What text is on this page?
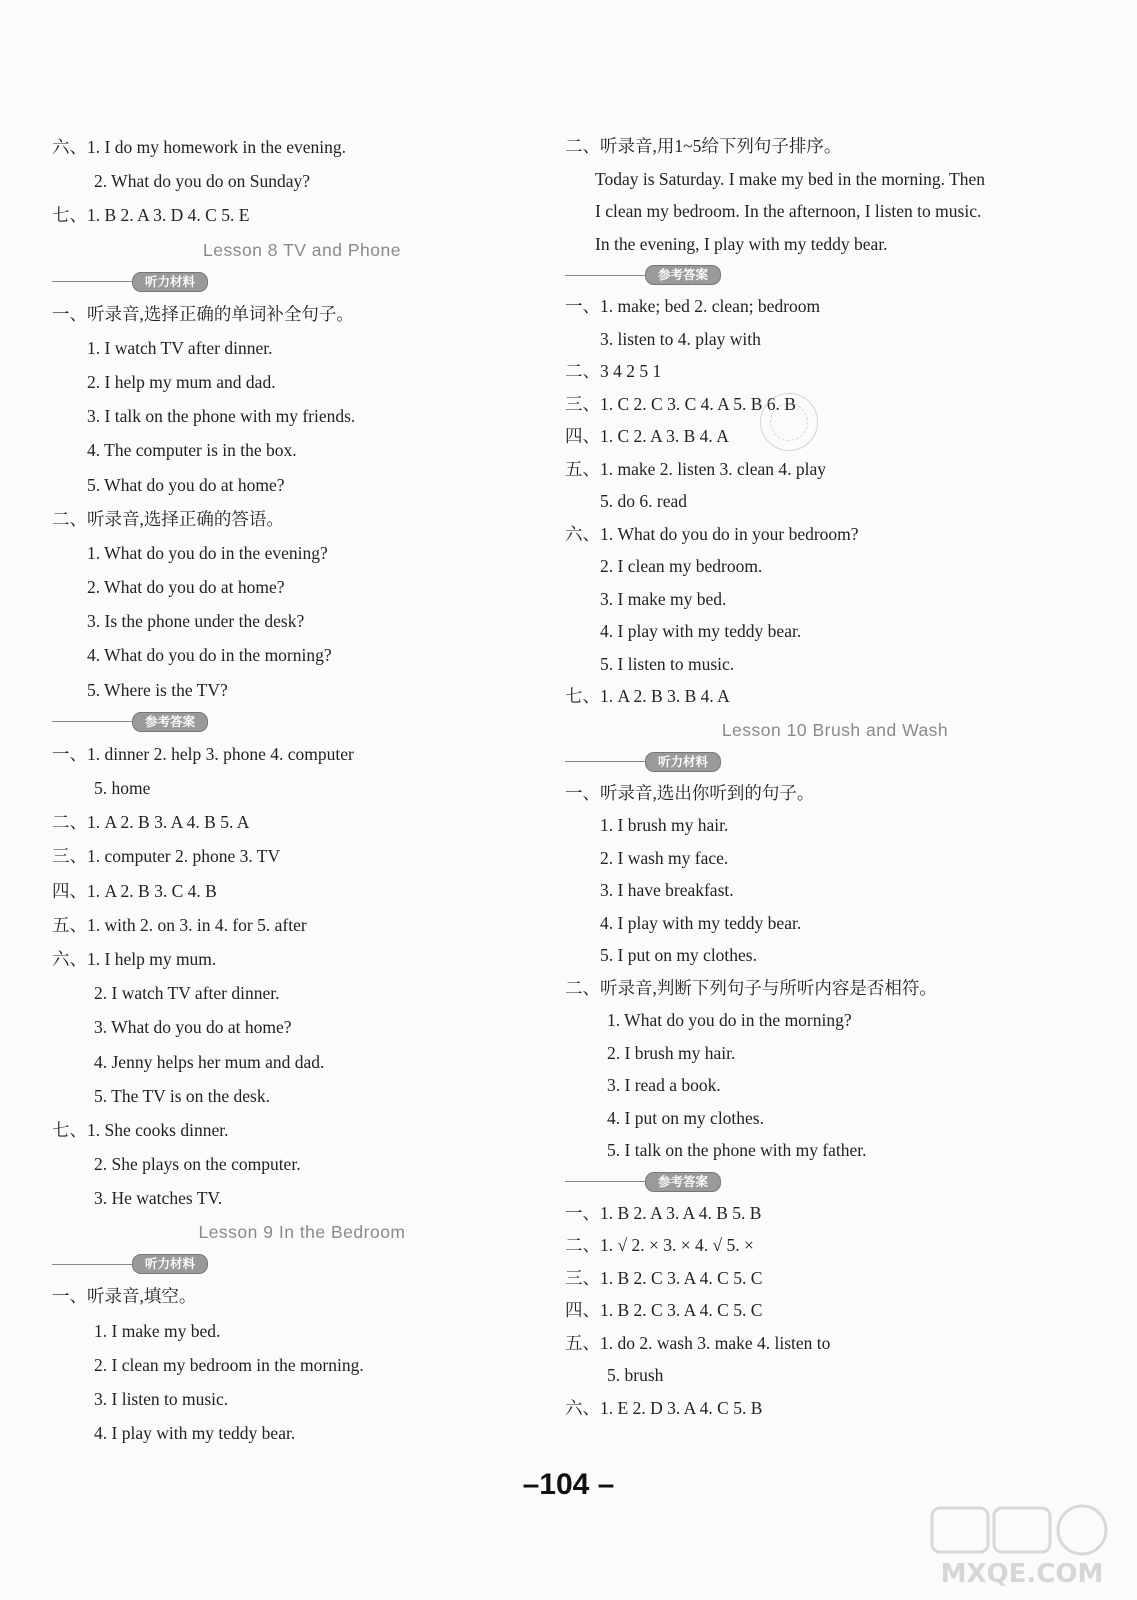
六、1. I do my homework in the evening.
2. What do you do on Sunday?
七、1. B 2. A 3. D 4. C 5. E
Lesson 8 TV and Phone
听力材料
一、听录音,选择正确的单词补全句子。
1. I watch TV after dinner.
2. I help my mum and dad.
3. I talk on the phone with my friends.
4. The computer is in the box.
5. What do you do at home?
二、听录音,选择正确的答语。
1. What do you do in the evening?
2. What do you do at home?
3. Is the phone under the desk?
4. What do you do in the morning?
5. Where is the TV?
参考答案
一、1. dinner 2. help 3. phone 4. computer
5. home
二、1. A 2. B 3. A 4. B 5. A
三、1. computer 2. phone 3. TV
四、1. A 2. B 3. C 4. B
五、1. with 2. on 3. in 4. for 5. after
六、1. I help my mum.
2. I watch TV after dinner.
3. What do you do at home?
4. Jenny helps her mum and dad.
5. The TV is on the desk.
七、1. She cooks dinner.
2. She plays on the computer.
3. He watches TV.
Lesson 9 In the Bedroom
听力材料
一、听录音,填空。
1. I make my bed.
2. I clean my bedroom in the morning.
3. I listen to music.
4. I play with my teddy bear.
二、听录音,用1~5给下列句子排序。
Today is Saturday. I make my bed in the morning. Then I clean my bedroom. In the afternoon, I listen to music. In the evening, I play with my teddy bear.
参考答案
一、1. make; bed 2. clean; bedroom
3. listen to 4. play with
二、3 4 2 5 1
三、1. C 2. C 3. C 4. A 5. B 6. B
四、1. C 2. A 3. B 4. A
五、1. make 2. listen 3. clean 4. play
5. do 6. read
六、1. What do you do in your bedroom?
2. I clean my bedroom.
3. I make my bed.
4. I play with my teddy bear.
5. I listen to music.
七、1. A 2. B 3. B 4. A
Lesson 10 Brush and Wash
听力材料
一、听录音,选出你听到的句子。
1. I brush my hair.
2. I wash my face.
3. I have breakfast.
4. I play with my teddy bear.
5. I put on my clothes.
二、听录音,判断下列句子与所听内容是否相符。
1. What do you do in the morning?
2. I brush my hair.
3. I read a book.
4. I put on my clothes.
5. I talk on the phone with my father.
参考答案
一、1. B 2. A 3. A 4. B 5. B
二、1. √ 2. × 3. × 4. √ 5. ×
三、1. B 2. C 3. A 4. C 5. C
四、1. B 2. C 3. A 4. C 5. C
五、1. do 2. wash 3. make 4. listen to
5. brush
六、1. E 2. D 3. A 4. C 5. B
–104 –
MXQE.COM
